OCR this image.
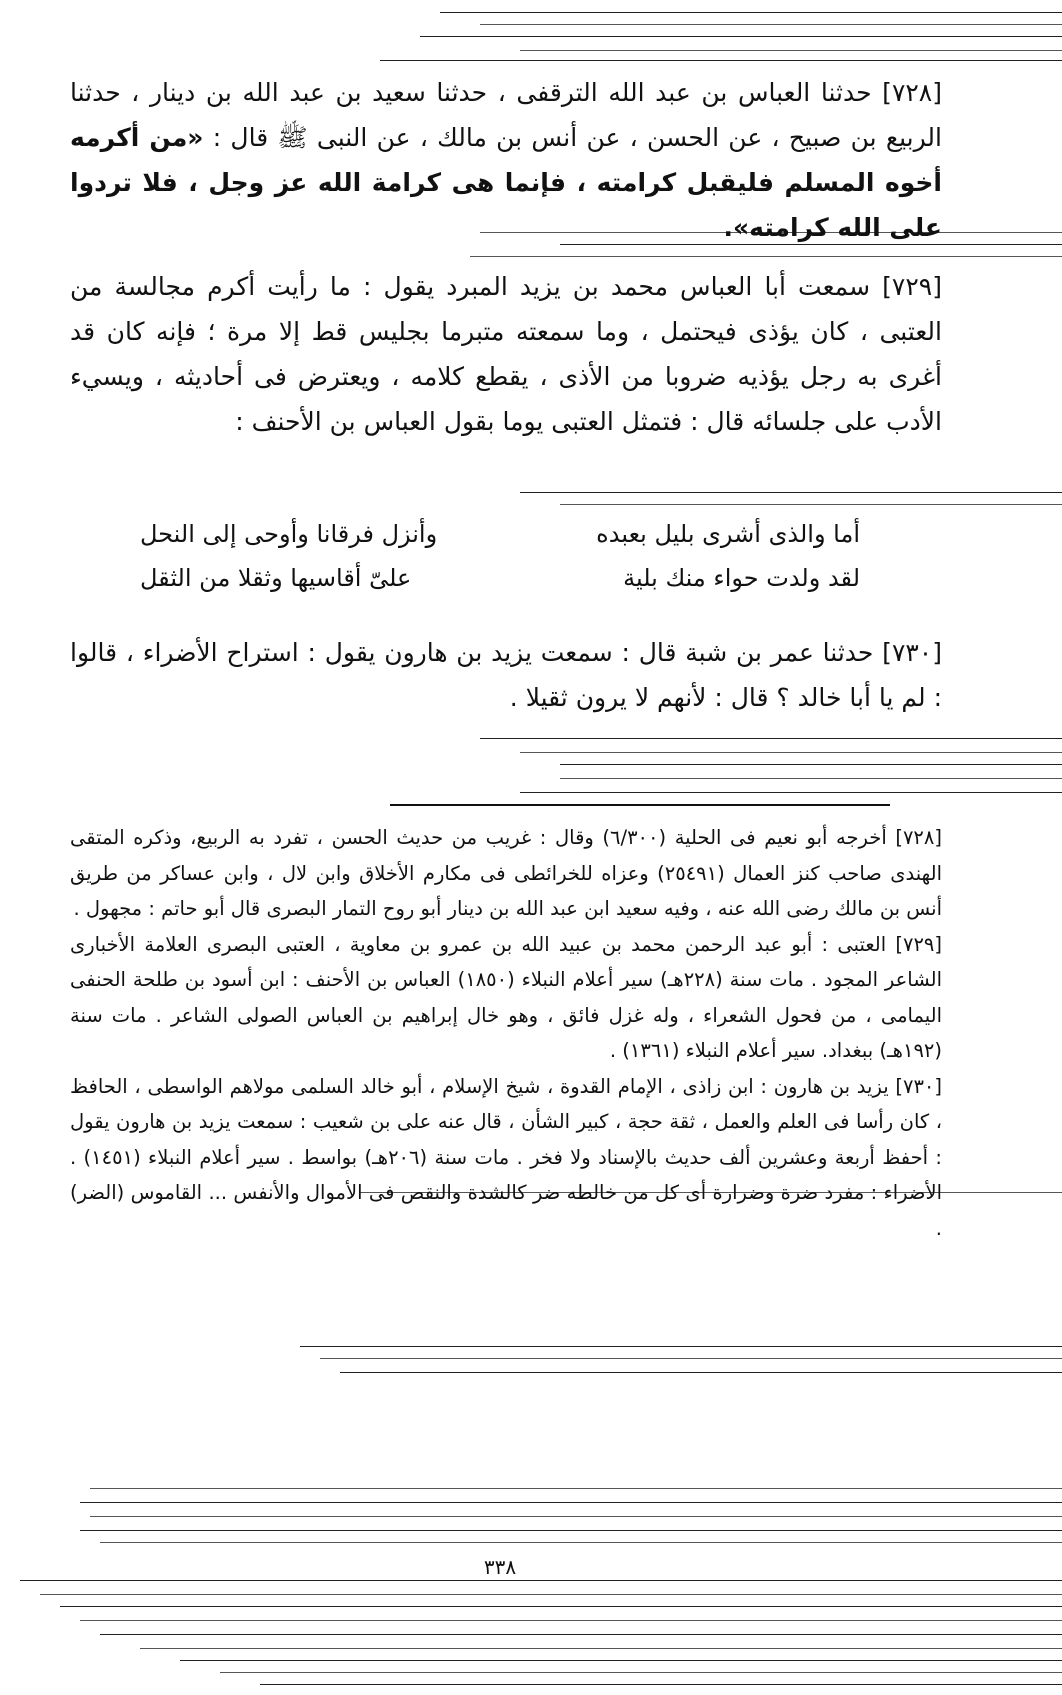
[٧٢٨] حدثنا العباس بن عبد الله الترقفى ، حدثنا سعيد بن عبد الله بن دينار ، حدثنا الربيع بن صبيح ، عن الحسن ، عن أنس بن مالك ، عن النبى ﷺ قال : «من أكرمه أخوه المسلم فليقبل كرامته ، فإنما هى كرامة الله عز وجل ، فلا تردوا على الله كرامته».

[٧٢٩] سمعت أبا العباس محمد بن يزيد المبرد يقول : ما رأيت أكرم مجالسة من العتبى ، كان يؤذى فيحتمل ، وما سمعته متبرما بجليس قط إلا مرة ؛ فإنه كان قد أغرى به رجل يؤذيه ضروبا من الأذى ، يقطع كلامه ، ويعترض فى أحاديثه ، ويسيء الأدب على جلسائه قال : فتمثل العتبى يوما بقول العباس بن الأحنف :

أما والذى أشرى بليل بعبده
وأنزل فرقانا وأوحى إلى النحل
لقد ولدت حواء منك بلية
علىّ أقاسيها وثقلا من الثقل

[٧٣٠] حدثنا عمر بن شبة قال : سمعت يزيد بن هارون يقول : استراح الأضراء ، قالوا : لم يا أبا خالد ؟ قال : لأنهم لا يرون ثقيلا .

[٧٢٨] أخرجه أبو نعيم فى الحلية (٦/٣٠٠) وقال : غريب من حديث الحسن ، تفرد به الربيع، وذكره المتقى الهندى صاحب كنز العمال (٢٥٤٩١) وعزاه للخرائطى فى مكارم الأخلاق وابن لال ، وابن عساكر من طريق أنس بن مالك رضى الله عنه ، وفيه سعيد ابن عبد الله بن دينار أبو روح التمار البصرى قال أبو حاتم : مجهول .

[٧٢٩] العتبى : أبو عبد الرحمن محمد بن عبيد الله بن عمرو بن معاوية ، العتبى البصرى العلامة الأخبارى الشاعر المجود . مات سنة (٢٢٨هـ) سير أعلام النبلاء (١٨٥٠) العباس بن الأحنف : ابن أسود بن طلحة الحنفى اليمامى ، من فحول الشعراء ، وله غزل فائق ، وهو خال إبراهيم بن العباس الصولى الشاعر . مات سنة (١٩٢هـ) ببغداد. سير أعلام النبلاء (١٣٦١) .

[٧٣٠] يزيد بن هارون : ابن زاذى ، الإمام القدوة ، شيخ الإسلام ، أبو خالد السلمى مولاهم الواسطى ، الحافظ ، كان رأسا فى العلم والعمل ، ثقة حجة ، كبير الشأن ، قال عنه على بن شعيب : سمعت يزيد بن هارون يقول : أحفظ أربعة وعشرين ألف حديث بالإسناد ولا فخر . مات سنة (٢٠٦هـ) بواسط . سير أعلام النبلاء (١٤٥١) . الأضراء : مفرد ضرة وضرارة أى كل من خالطه ضر كالشدة والنقص فى الأموال والأنفس ... القاموس (الضر) .

٣٣٨
